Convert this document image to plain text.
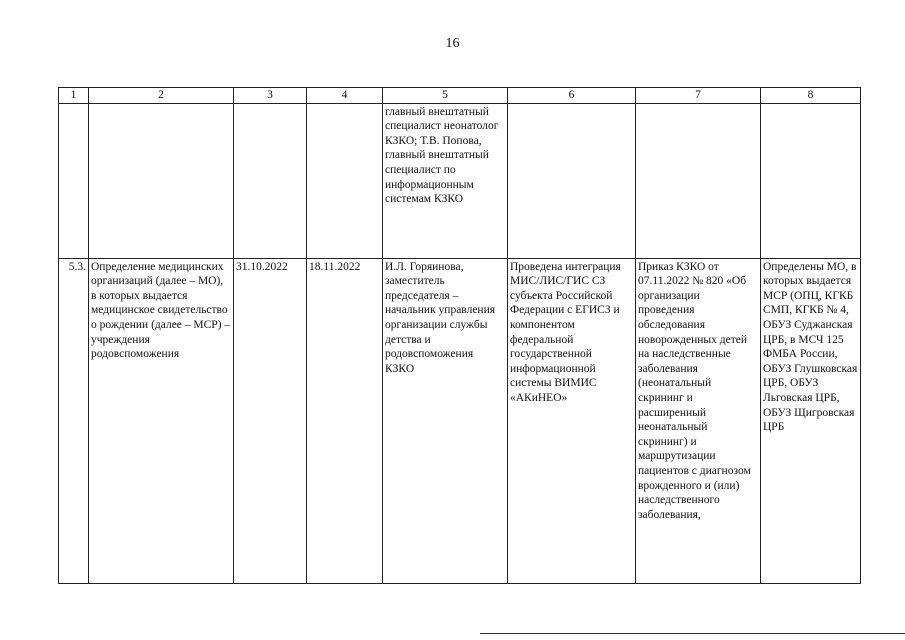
16
1	2	3	4	5	6	7	8
				главный внештатный специалист неонатолог КЗКО; Т.В. Попова, главный внештатный специалист по информационным системам КЗКО			
5.3.	Определение медицинских организаций (далее – МО), в которых выдается медицинское свидетельство о рождении (далее – МСР) –учреждения родовспоможения	31.10.2022	18.11.2022	И.Л. Горяинова, заместитель председателя – начальник управления организации службы детства и родовспоможения КЗКО	Проведена интеграция МИС/ЛИС/ГИС СЗ субъекта Российской Федерации с ЕГИСЗ и компонентом федеральной государственной информационной системы ВИМИС «АКиНЕО»	Приказ КЗКО от 07.11.2022 № 820 «Об организации проведения обследования новорожденных детей на наследственные заболевания (неонатальный скрининг и расширенный неонатальный скрининг) и маршрутизации пациентов с диагнозом врожденного и (или) наследственного заболевания,	Определены МО, в которых выдается МСР (ОПЦ, КГКБ СМП, КГКБ № 4, ОБУЗ Суджанская ЦРБ, в МСЧ 125 ФМБА России, ОБУЗ Глушковская ЦРБ, ОБУЗ Льговская ЦРБ, ОБУЗ Щигровская ЦРБ
